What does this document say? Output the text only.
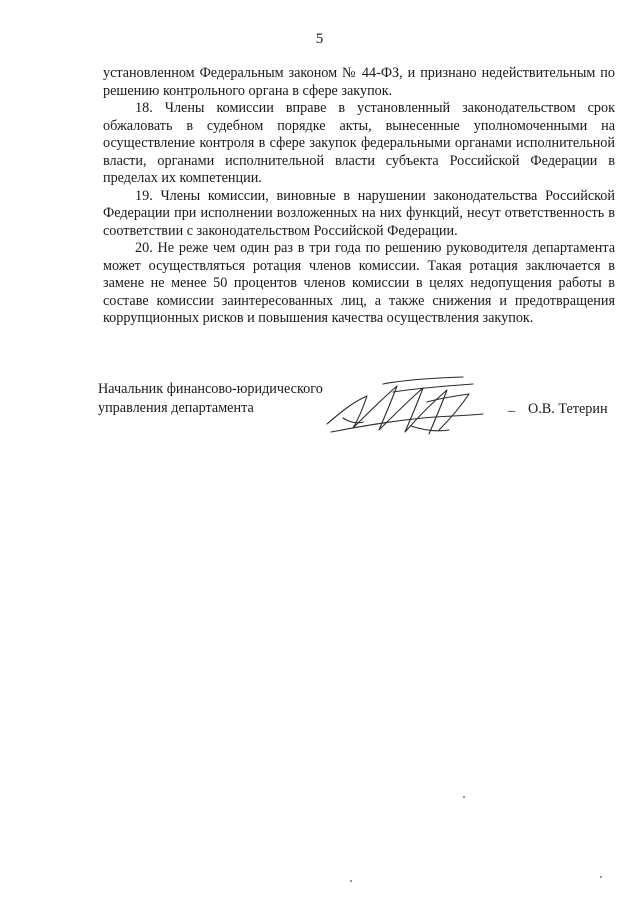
5

установленном Федеральным законом № 44-ФЗ, и признано недействительным по решению контрольного органа в сфере закупок.

18. Члены комиссии вправе в установленный законодательством срок обжаловать в судебном порядке акты, вынесенные уполномоченными на осуществление контроля в сфере закупок федеральными органами исполнительной власти, органами исполнительной власти субъекта Российской Федерации в пределах их компетенции.

19. Члены комиссии, виновные в нарушении законодательства Российской Федерации при исполнении возложенных на них функций, несут ответственность в соответствии с законодательством Российской Федерации.

20. Не реже чем один раз в три года по решению руководителя департамента может осуществляться ротация членов комиссии. Такая ротация заключается в замене не менее 50 процентов членов комиссии в целях недопущения работы в составе комиссии заинтересованных лиц, а также снижения и предотвращения коррупционных рисков и повышения качества осуществления закупок.

Начальник финансово-юридического
управления департамента	– О.В. Тетерин
